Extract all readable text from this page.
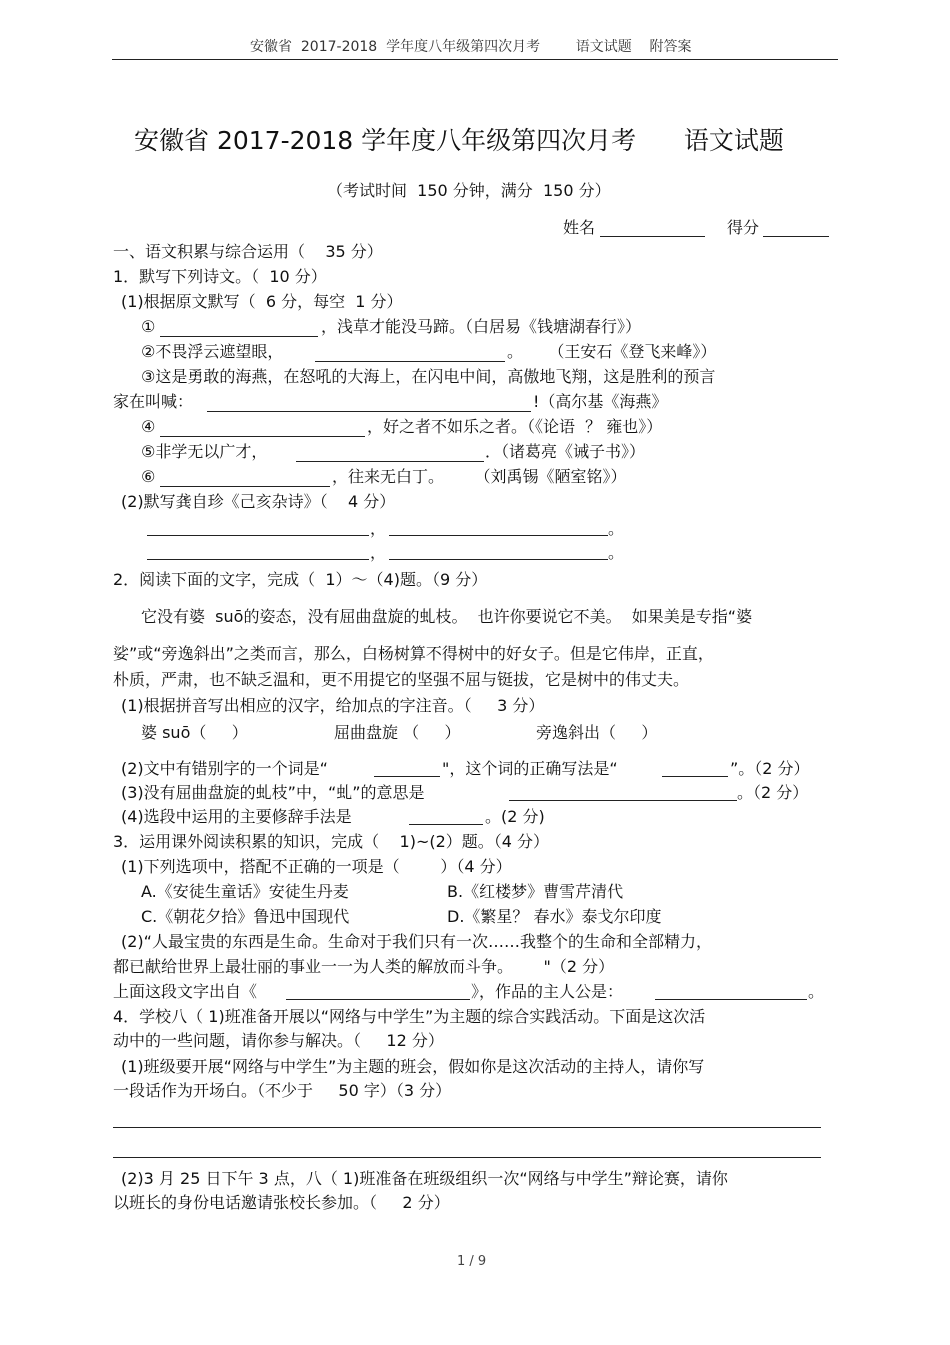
安徽省  2017-2018  学年度八年级第四次月考        语文试题    附答案
安徽省 2017-2018 学年度八年级第四次月考      语文试题
（考试时间  150 分钟，满分  150 分）
姓名	得分
一、语文积累与综合运用（    35 分）
1．默写下列诗文。（  10 分）
(1)根据原文默写（  6 分，每空  1 分）
①	，浅草才能没马蹄。（白居易《钱塘湖春行》）
②不畏浮云遮望眼，	。     （王安石《登飞来峰》）
③这是勇敢的海燕，在怒吼的大海上，在闪电中间，高傲地飞翔，这是胜利的预言
家在叫喊：	!（高尔基《海燕》
④	，好之者不如乐之者。（《论语  ？ 雍也》）
⑤非学无以广才，	．（诸葛亮《诫子书》）
⑥	，往来无白丁。      （刘禹锡《陋室铭》）
(2)默写龚自珍《己亥杂诗》（    4 分）
，	。
，	。
2．阅读下面的文字，完成（  1）～（4)题。（9 分）
它没有婆  suō的姿态，没有屈曲盘旋的虬枝。  也许你要说它不美。  如果美是专指“婆
娑”或“旁逸斜出”之类而言，那么，白杨树算不得树中的好女子。但是它伟岸，正直，
朴质，严肃，也不缺乏温和，更不用提它的坚强不屈与铤拔，它是树中的伟丈夫。
(1)根据拼音写出相应的汉字，给加点的字注音。（     3 分）
婆 suō（     ）	屈曲盘旋 （     ）	旁逸斜出（     ）
(2)文中有错别字的一个词是“	"，这个词的正确写法是“	”。（2 分）
(3)没有屈曲盘旋的虬枝”中，“虬”的意思是	。（2 分）
(4)选段中运用的主要修辞手法是	。(2 分)
3．运用课外阅读积累的知识，完成（    1)~(2）题。（4 分）
(1)下列选项中，搭配不正确的一项是（        ）（4 分）
A.《安徒生童话》安徒生丹麦	B.《红楼梦》曹雪芹清代
C.《朝花夕拾》鲁迅中国现代	D.《繁星？ 春水》泰戈尔印度
(2)“人最宝贵的东西是生命。生命对于我们只有一次……我整个的生命和全部精力，
都已献给世界上最壮丽的事业一一为人类的解放而斗争。      "（2 分）
上面这段文字出自《	》，作品的主人公是：	。
4．学校八（ 1)班准备开展以“网络与中学生”为主题的综合实践活动。下面是这次活
动中的一些问题，请你参与解决。（     12 分）
(1)班级要开展“网络与中学生”为主题的班会，假如你是这次活动的主持人，请你写
一段话作为开场白。（不少于     50 字）（3 分）
(2)3 月 25 日下午 3 点，八（ 1)班准备在班级组织一次“网络与中学生”辩论赛，请你
以班长的身份电话邀请张校长参加。（     2 分）
1 / 9
